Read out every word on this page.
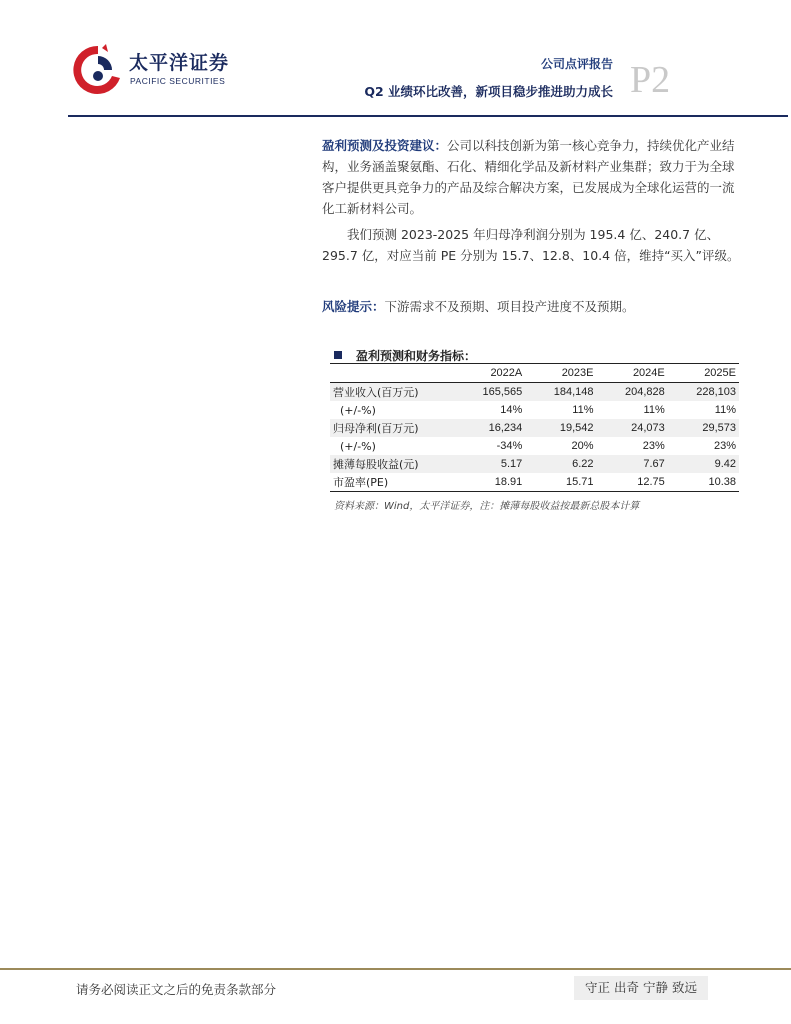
太平洋证券
PACIFIC SECURITIES
公司点评报告
Q2 业绩环比改善，新项目稳步推进助力成长 P2

盈利预测及投资建议：公司以科技创新为第一核心竞争力，持续优化产业结构，业务涵盖聚氨酯、石化、精细化学品及新材料产业集群；致力于为全球客户提供更具竞争力的产品及综合解决方案，已发展成为全球化运营的一流化工新材料公司。

我们预测 2023-2025 年归母净利润分别为 195.4 亿、240.7 亿、295.7 亿，对应当前 PE 分别为 15.7、12.8、10.4 倍，维持“买入”评级。

风险提示：下游需求不及预期、项目投产进度不及预期。

盈利预测和财务指标：
	2022A	2023E	2024E	2025E
营业收入(百万元)	165,565	184,148	204,828	228,103
(+/-%)	14%	11%	11%	11%
归母净利(百万元)	16,234	19,542	24,073	29,573
(+/-%)	-34%	20%	23%	23%
摊薄每股收益(元)	5.17	6.22	7.67	9.42
市盈率(PE)	18.91	15.71	12.75	10.38
资料来源：Wind，太平洋证券，注：摊薄每股收益按最新总股本计算
请务必阅读正文之后的免责条款部分	守正 出奇 宁静 致远
